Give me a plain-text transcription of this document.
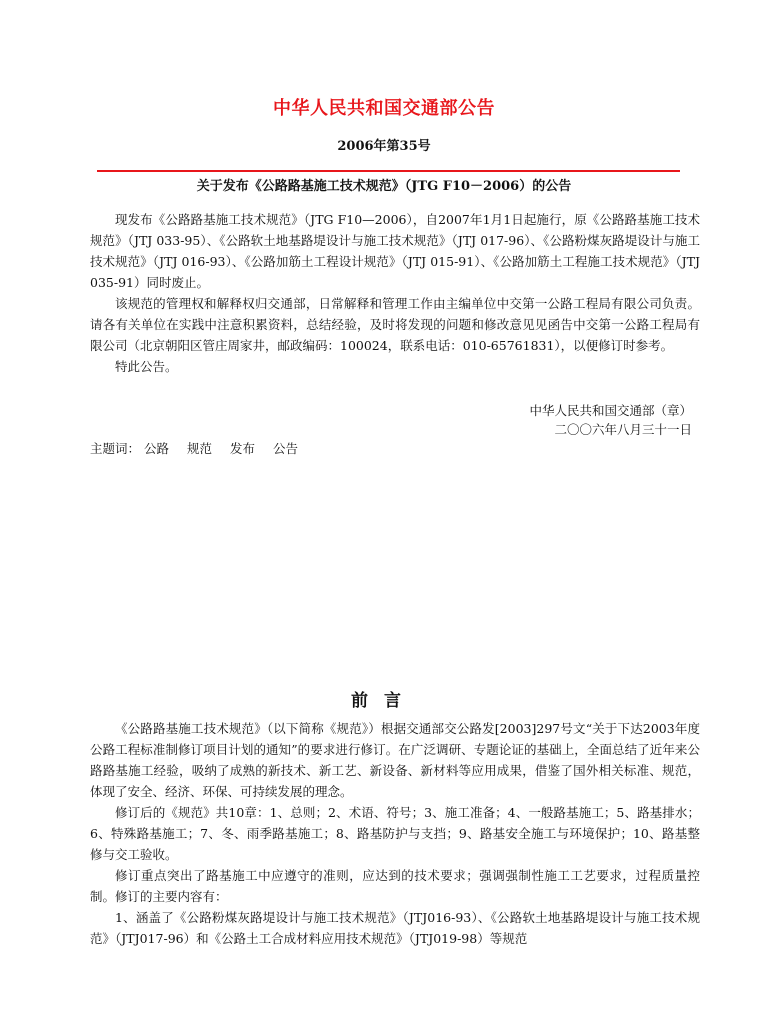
中华人民共和国交通部公告
2006年第35号
关于发布《公路路基施工技术规范》（JTG F10－2006）的公告

现发布《公路路基施工技术规范》（JTG F10—2006），自2007年1月1日起施行，原《公路路基施工技术规范》（JTJ 033-95）、《公路软土地基路堤设计与施工技术规范》（JTJ 017-96）、《公路粉煤灰路堤设计与施工技术规范》（JTJ 016-93）、《公路加筋土工程设计规范》（JTJ 015-91）、《公路加筋土工程施工技术规范》（JTJ 035-91）同时废止。

该规范的管理权和解释权归交通部，日常解释和管理工作由主编单位中交第一公路工程局有限公司负责。请各有关单位在实践中注意积累资料，总结经验，及时将发现的问题和修改意见见函告中交第一公路工程局有限公司（北京朝阳区管庄周家井，邮政编码：100024，联系电话：010-65761831），以便修订时参考。

特此公告。

中华人民共和国交通部（章）
二〇〇六年八月三十一日
主题词： 公路 规范 发布 公告
前言

《公路路基施工技术规范》（以下简称《规范》）根据交通部交公路发[2003]297号文“关于下达2003年度公路工程标准制修订项目计划的通知”的要求进行修订。在广泛调研、专题论证的基础上，全面总结了近年来公路路基施工经验，吸纳了成熟的新技术、新工艺、新设备、新材料等应用成果，借鉴了国外相关标准、规范，体现了安全、经济、环保、可持续发展的理念。

修订后的《规范》共10章：1、总则；2、术语、符号；3、施工准备；4、一般路基施工；5、路基排水；6、特殊路基施工；7、冬、雨季路基施工；8、路基防护与支挡；9、路基安全施工与环境保护；10、路基整修与交工验收。

修订重点突出了路基施工中应遵守的准则，应达到的技术要求；强调强制性施工工艺要求，过程质量控制。修订的主要内容有：

1、涵盖了《公路粉煤灰路堤设计与施工技术规范》（JTJ016-93）、《公路软土地基路堤设计与施工技术规范》（JTJ017-96）和《公路土工合成材料应用技术规范》（JTJ019-98）等规范
